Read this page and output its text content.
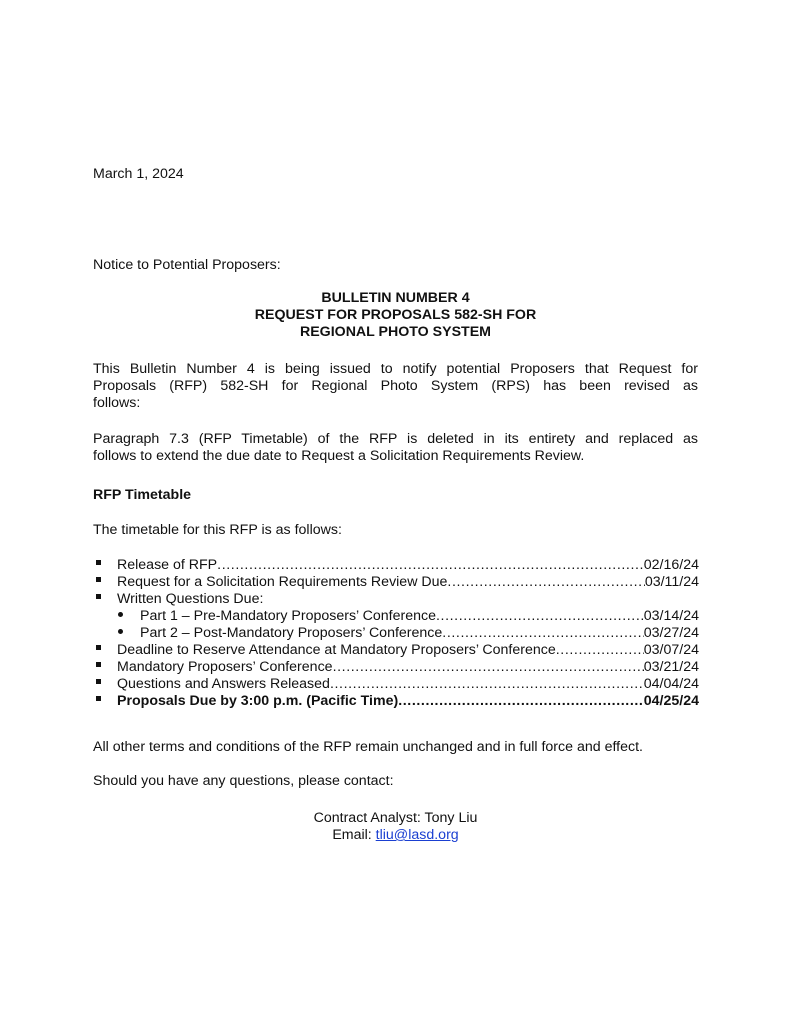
March 1, 2024
Notice to Potential Proposers:
BULLETIN NUMBER 4
REQUEST FOR PROPOSALS 582-SH FOR
REGIONAL PHOTO SYSTEM
This Bulletin Number 4 is being issued to notify potential Proposers that Request for
Proposals (RFP) 582-SH for Regional Photo System (RPS) has been revised as
follows:
Paragraph 7.3 (RFP Timetable) of the RFP is deleted in its entirety and replaced as
follows to extend the due date to Request a Solicitation Requirements Review.
RFP Timetable
The timetable for this RFP is as follows:
Release of RFP .....	02/16/24
Request for a Solicitation Requirements Review Due .....	03/11/24
Written Questions Due:
Part 1 – Pre-Mandatory Proposers’ Conference .....	03/14/24
Part 2 – Post-Mandatory Proposers’ Conference .....	03/27/24
Deadline to Reserve Attendance at Mandatory Proposers’ Conference .....	03/07/24
Mandatory Proposers’ Conference .....	03/21/24
Questions and Answers Released .....	04/04/24
Proposals Due by 3:00 p.m. (Pacific Time) .....	04/25/24
All other terms and conditions of the RFP remain unchanged and in full force and effect.
Should you have any questions, please contact:
Contract Analyst: Tony Liu
Email: tliu@lasd.org
